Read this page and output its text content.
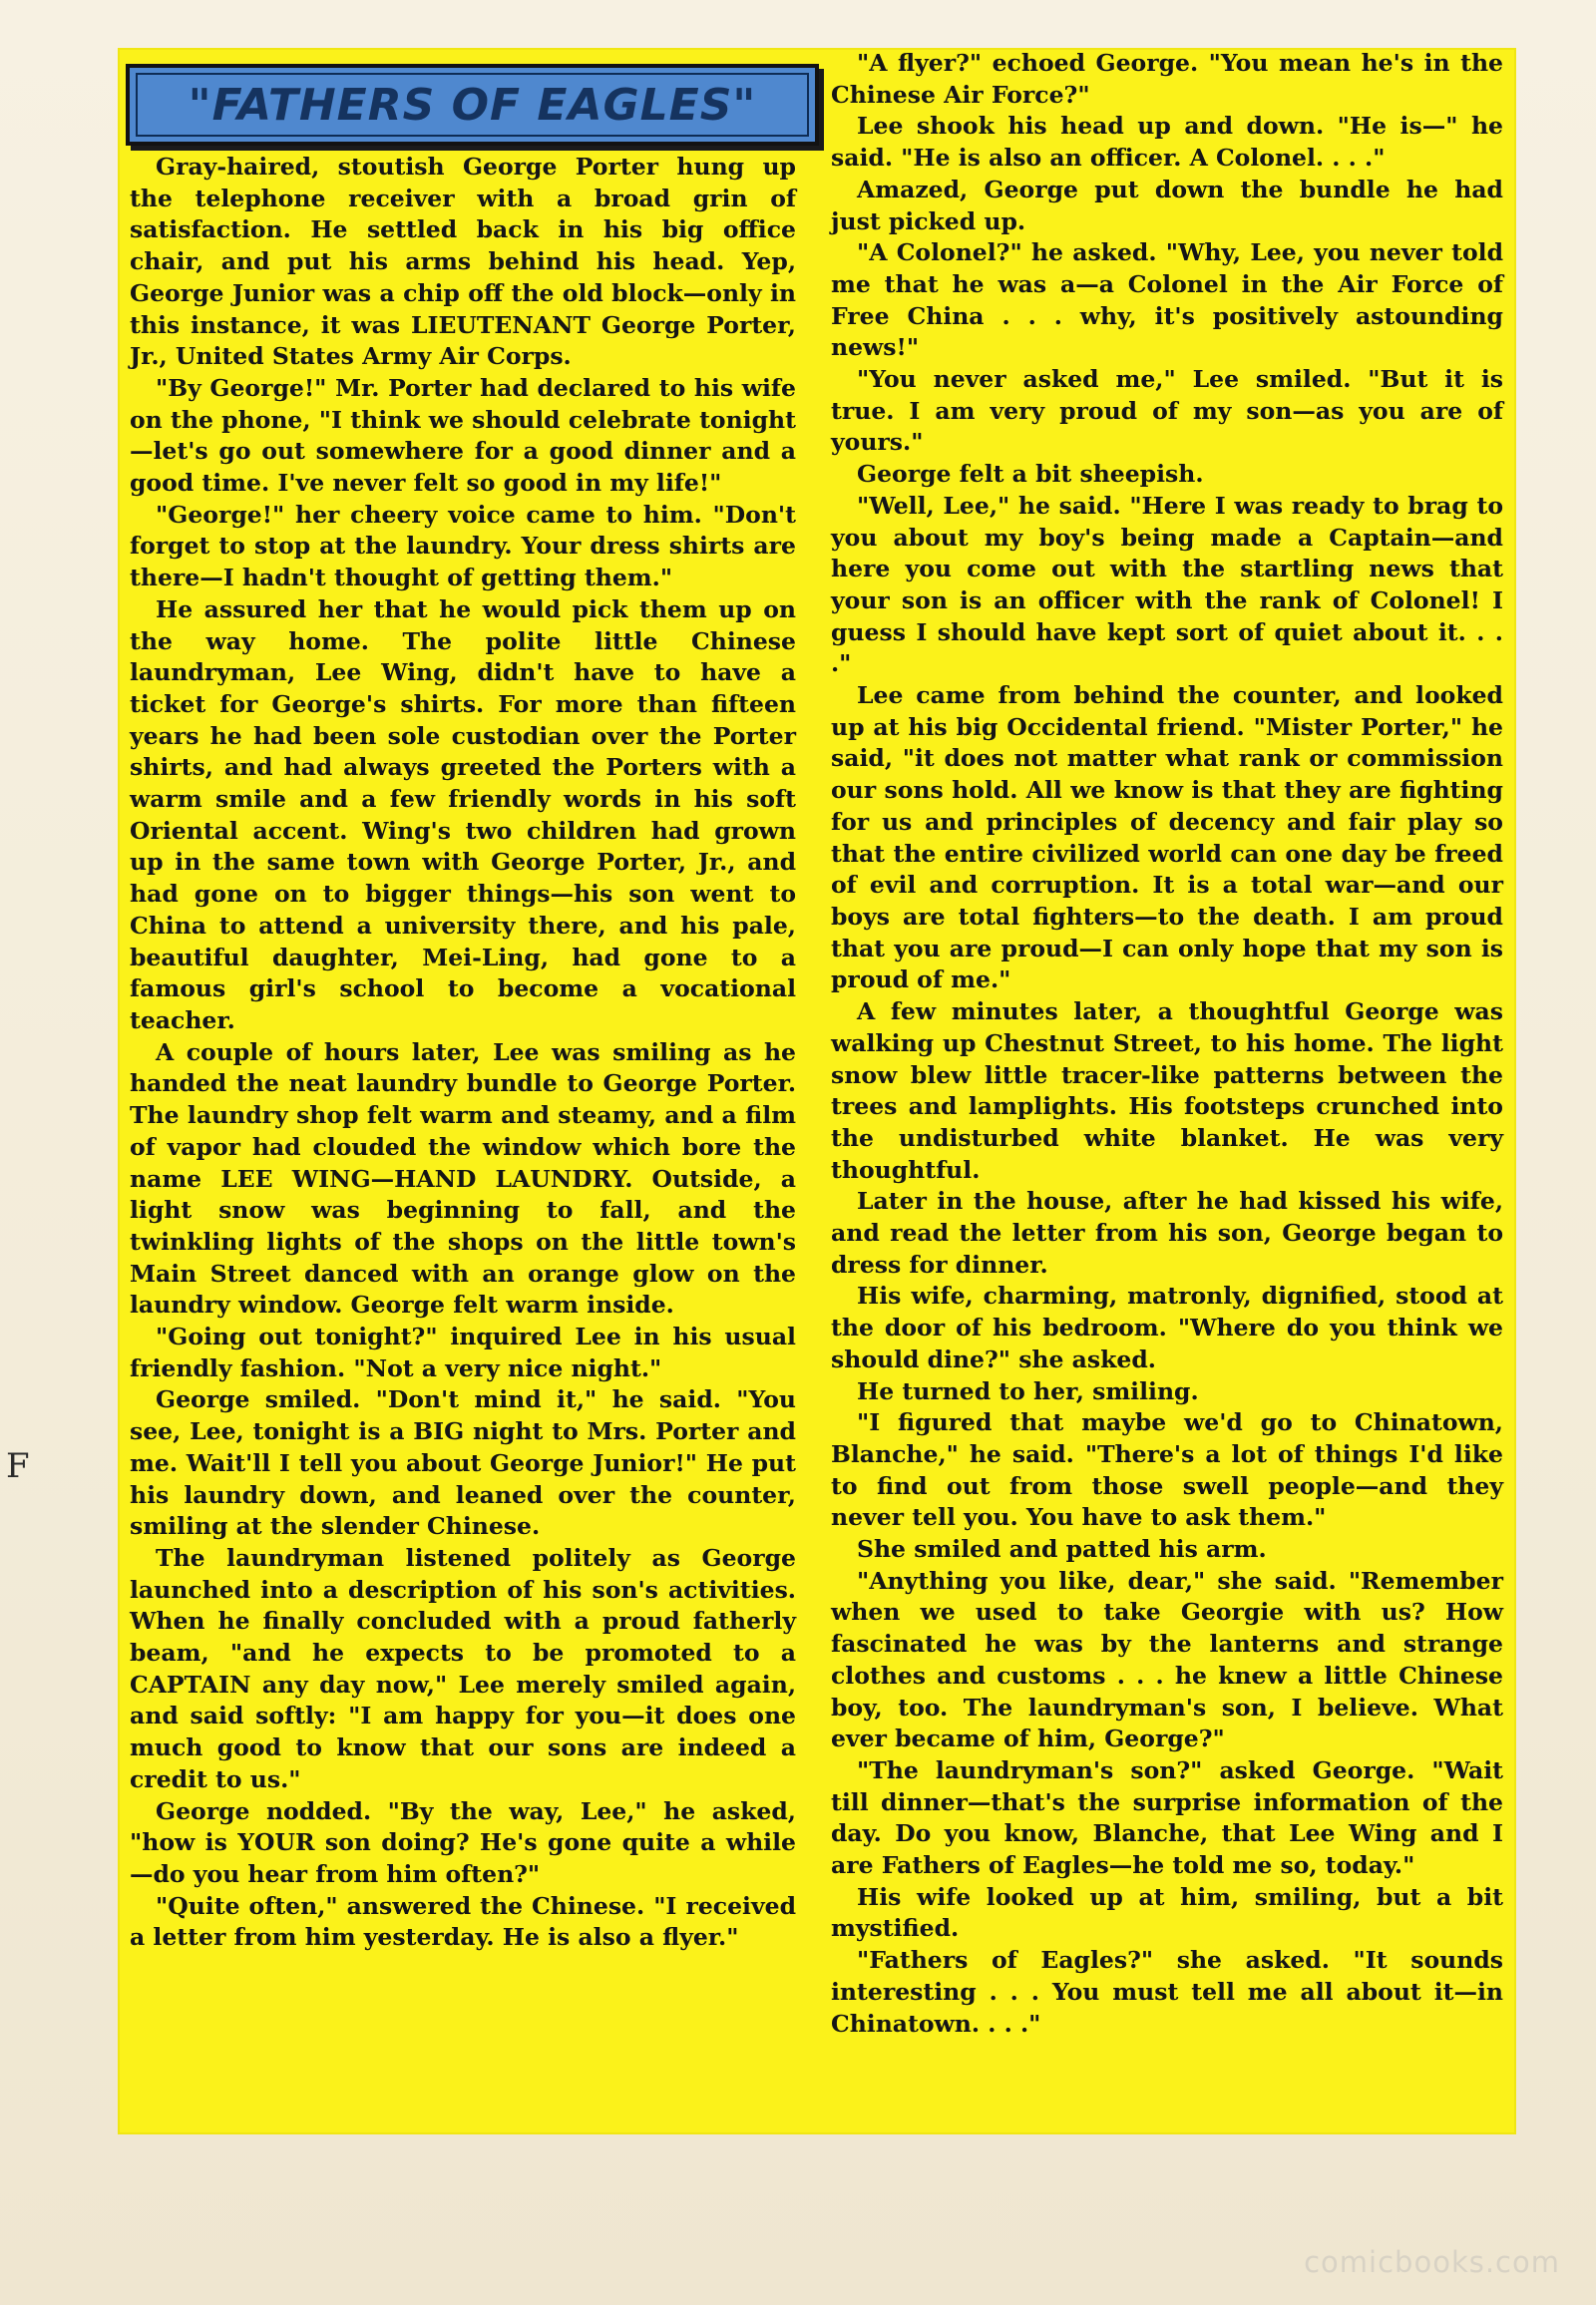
"FATHERS OF EAGLES"

Gray-haired, stoutish George Porter hung up the telephone receiver with a broad grin of satisfaction. He settled back in his big office chair, and put his arms behind his head. Yep, George Junior was a chip off the old block—only in this instance, it was LIEUTENANT George Porter, Jr., United States Army Air Corps.

"By George!" Mr. Porter had declared to his wife on the phone, "I think we should celebrate tonight—let's go out somewhere for a good dinner and a good time. I've never felt so good in my life!"

"George!" her cheery voice came to him. "Don't forget to stop at the laundry. Your dress shirts are there—I hadn't thought of getting them."

He assured her that he would pick them up on the way home. The polite little Chinese laundryman, Lee Wing, didn't have to have a ticket for George's shirts. For more than fifteen years he had been sole custodian over the Porter shirts, and had always greeted the Porters with a warm smile and a few friendly words in his soft Oriental accent. Wing's two children had grown up in the same town with George Porter, Jr., and had gone on to bigger things—his son went to China to attend a university there, and his pale, beautiful daughter, Mei-Ling, had gone to a famous girl's school to become a vocational teacher.

A couple of hours later, Lee was smiling as he handed the neat laundry bundle to George Porter. The laundry shop felt warm and steamy, and a film of vapor had clouded the window which bore the name LEE WING—HAND LAUNDRY. Outside, a light snow was beginning to fall, and the twinkling lights of the shops on the little town's Main Street danced with an orange glow on the laundry window. George felt warm inside.

"Going out tonight?" inquired Lee in his usual friendly fashion. "Not a very nice night."

George smiled. "Don't mind it," he said. "You see, Lee, tonight is a BIG night to Mrs. Porter and me. Wait'll I tell you about George Junior!" He put his laundry down, and leaned over the counter, smiling at the slender Chinese.

The laundryman listened politely as George launched into a description of his son's activities. When he finally concluded with a proud fatherly beam, "and he expects to be promoted to a CAPTAIN any day now," Lee merely smiled again, and said softly: "I am happy for you—it does one much good to know that our sons are indeed a credit to us."

George nodded. "By the way, Lee," he asked, "how is YOUR son doing? He's gone quite a while—do you hear from him often?"

"Quite often," answered the Chinese. "I received a letter from him yesterday. He is also a flyer."

"A flyer?" echoed George. "You mean he's in the Chinese Air Force?"

Lee shook his head up and down. "He is—" he said. "He is also an officer. A Colonel. . . ."

Amazed, George put down the bundle he had just picked up.

"A Colonel?" he asked. "Why, Lee, you never told me that he was a—a Colonel in the Air Force of Free China . . . why, it's positively astounding news!"

"You never asked me," Lee smiled. "But it is true. I am very proud of my son—as you are of yours."

George felt a bit sheepish.

"Well, Lee," he said. "Here I was ready to brag to you about my boy's being made a Captain—and here you come out with the startling news that your son is an officer with the rank of Colonel! I guess I should have kept sort of quiet about it. . . ."

Lee came from behind the counter, and looked up at his big Occidental friend. "Mister Porter," he said, "it does not matter what rank or commission our sons hold. All we know is that they are fighting for us and principles of decency and fair play so that the entire civilized world can one day be freed of evil and corruption. It is a total war—and our boys are total fighters—to the death. I am proud that you are proud—I can only hope that my son is proud of me."

A few minutes later, a thoughtful George was walking up Chestnut Street, to his home. The light snow blew little tracer-like patterns between the trees and lamplights. His footsteps crunched into the undisturbed white blanket. He was very thoughtful.

Later in the house, after he had kissed his wife, and read the letter from his son, George began to dress for dinner.

His wife, charming, matronly, dignified, stood at the door of his bedroom. "Where do you think we should dine?" she asked.

He turned to her, smiling.

"I figured that maybe we'd go to Chinatown, Blanche," he said. "There's a lot of things I'd like to find out from those swell people—and they never tell you. You have to ask them."

She smiled and patted his arm.

"Anything you like, dear," she said. "Remember when we used to take Georgie with us? How fascinated he was by the lanterns and strange clothes and customs . . . he knew a little Chinese boy, too. The laundryman's son, I believe. What ever became of him, George?"

"The laundryman's son?" asked George. "Wait till dinner—that's the surprise information of the day. Do you know, Blanche, that Lee Wing and I are Fathers of Eagles—he told me so, today."

His wife looked up at him, smiling, but a bit mystified.

"Fathers of Eagles?" she asked. "It sounds interesting . . . You must tell me all about it—in Chinatown. . . ."

F
comicbooks.com
